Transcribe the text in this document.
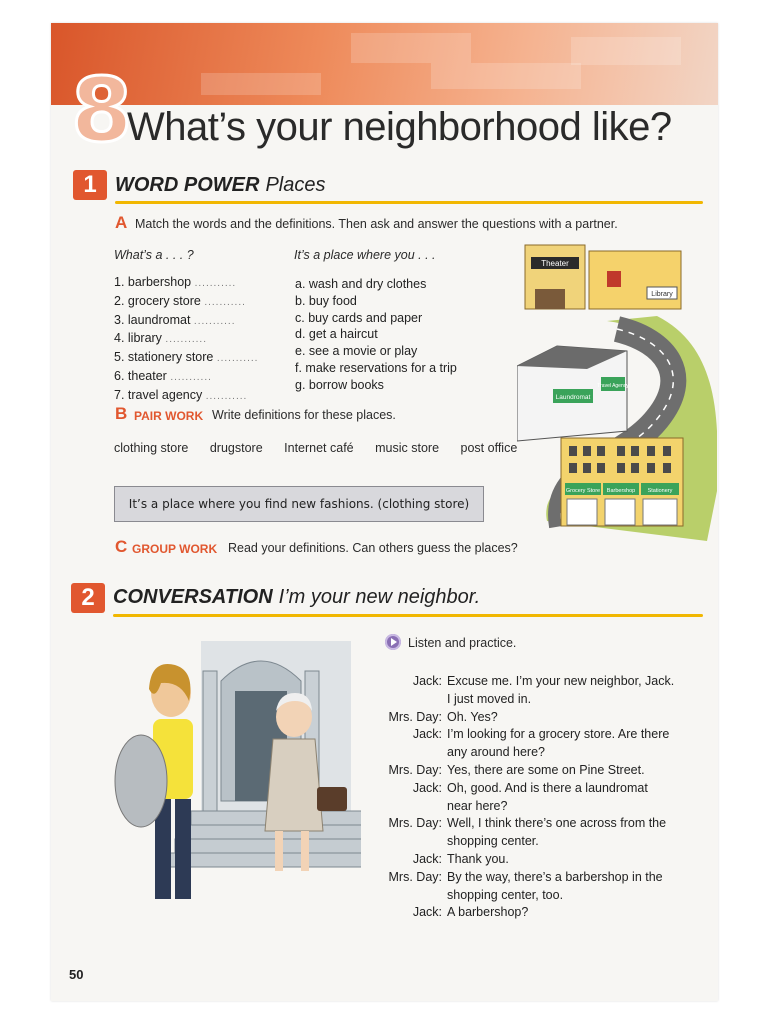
8
What’s your neighborhood like?
1 WORD POWER Places
A Match the words and the definitions. Then ask and answer the questions with a partner.
What’s a . . . ?	It’s a place where you . . .
1. barbershop ...........
2. grocery store ...........
3. laundromat ...........
4. library ...........
5. stationery store ...........
6. theater ...........
7. travel agency ...........
a. wash and dry clothes
b. buy food
c. buy cards and paper
d. get a haircut
e. see a movie or play
f. make reservations for a trip
g. borrow books
Theater
Library
Laundromat
Travel Agency
Grocery Store Barbershop Stationery
B PAIR WORK Write definitions for these places.
clothing store drugstore Internet café music store post office
It’s a place where you find new fashions. (clothing store)
C GROUP WORK Read your definitions. Can others guess the places?
2 CONVERSATION I’m your new neighbor.
Listen and practice.
Jack: Excuse me. I’m your new neighbor, Jack.
I just moved in.
Mrs. Day: Oh. Yes?
Jack: I’m looking for a grocery store. Are there
any around here?
Mrs. Day: Yes, there are some on Pine Street.
Jack: Oh, good. And is there a laundromat
near here?
Mrs. Day: Well, I think there’s one across from the
shopping center.
Jack: Thank you.
Mrs. Day: By the way, there’s a barbershop in the
shopping center, too.
Jack: A barbershop?
50
